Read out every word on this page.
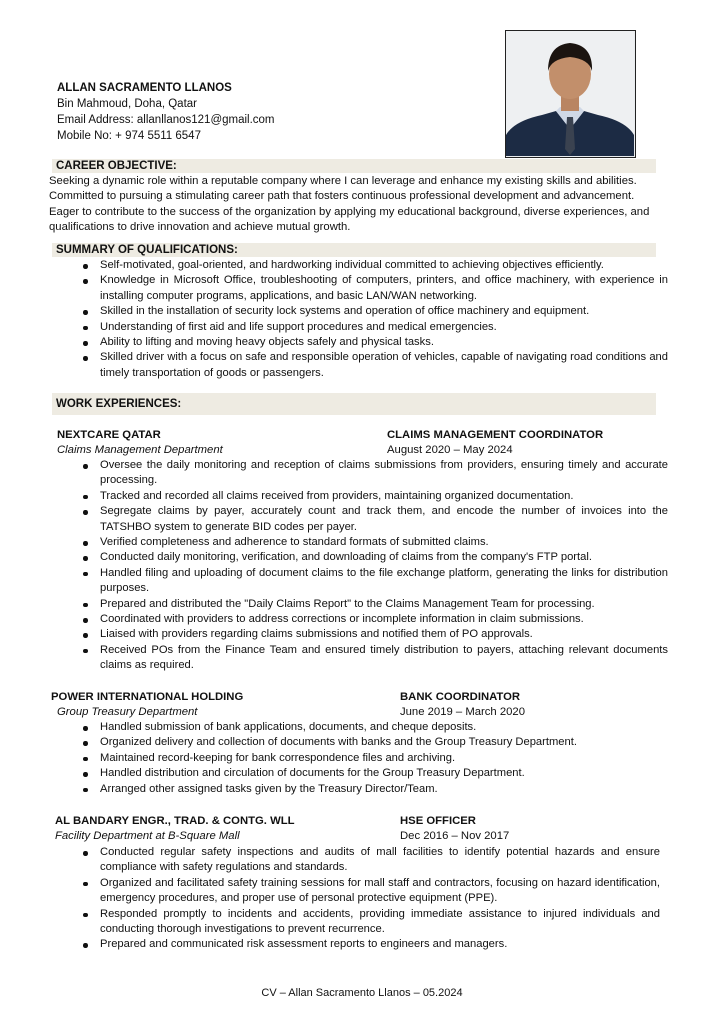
ALLAN SACRAMENTO LLANOS
Bin Mahmoud, Doha, Qatar
Email Address: allanllanos121@gmail.com
Mobile No: + 974 5511 6547
CAREER OBJECTIVE:

Seeking a dynamic role within a reputable company where I can leverage and enhance my existing skills and abilities. Committed to pursuing a stimulating career path that fosters continuous professional development and advancement. Eager to contribute to the success of the organization by applying my educational background, diverse experiences, and qualifications to drive innovation and achieve mutual growth.

SUMMARY OF QUALIFICATIONS:
Self-motivated, goal-oriented, and hardworking individual committed to achieving objectives efficiently.
Knowledge in Microsoft Office, troubleshooting of computers, printers, and office machinery, with experience in installing computer programs, applications, and basic LAN/WAN networking.
Skilled in the installation of security lock systems and operation of office machinery and equipment.
Understanding of first aid and life support procedures and medical emergencies.
Ability to lifting and moving heavy objects safely and physical tasks.
Skilled driver with a focus on safe and responsible operation of vehicles, capable of navigating road conditions and timely transportation of goods or passengers.
WORK EXPERIENCES:
NEXTCARE QATAR
Claims Management Department
CLAIMS MANAGEMENT COORDINATOR
August 2020 – May 2024
Oversee the daily monitoring and reception of claims submissions from providers, ensuring timely and accurate processing.
Tracked and recorded all claims received from providers, maintaining organized documentation.
Segregate claims by payer, accurately count and track them, and encode the number of invoices into the TATSHBO system to generate BID codes per payer.
Verified completeness and adherence to standard formats of submitted claims.
Conducted daily monitoring, verification, and downloading of claims from the company's FTP portal.
Handled filing and uploading of document claims to the file exchange platform, generating the links for distribution purposes.
Prepared and distributed the "Daily Claims Report" to the Claims Management Team for processing.
Coordinated with providers to address corrections or incomplete information in claim submissions.
Liaised with providers regarding claims submissions and notified them of PO approvals.
Received POs from the Finance Team and ensured timely distribution to payers, attaching relevant documents claims as required.
POWER INTERNATIONAL HOLDING
Group Treasury Department
BANK COORDINATOR
June 2019 – March 2020
Handled submission of bank applications, documents, and cheque deposits.
Organized delivery and collection of documents with banks and the Group Treasury Department.
Maintained record-keeping for bank correspondence files and archiving.
Handled distribution and circulation of documents for the Group Treasury Department.
Arranged other assigned tasks given by the Treasury Director/Team.
AL BANDARY ENGR., TRAD. & CONTG. WLL
Facility Department at B-Square Mall
HSE OFFICER
Dec 2016 – Nov 2017
Conducted regular safety inspections and audits of mall facilities to identify potential hazards and ensure compliance with safety regulations and standards.
Organized and facilitated safety training sessions for mall staff and contractors, focusing on hazard identification, emergency procedures, and proper use of personal protective equipment (PPE).
Responded promptly to incidents and accidents, providing immediate assistance to injured individuals and conducting thorough investigations to prevent recurrence.
Prepared and communicated risk assessment reports to engineers and managers.
CV – Allan Sacramento Llanos – 05.2024
